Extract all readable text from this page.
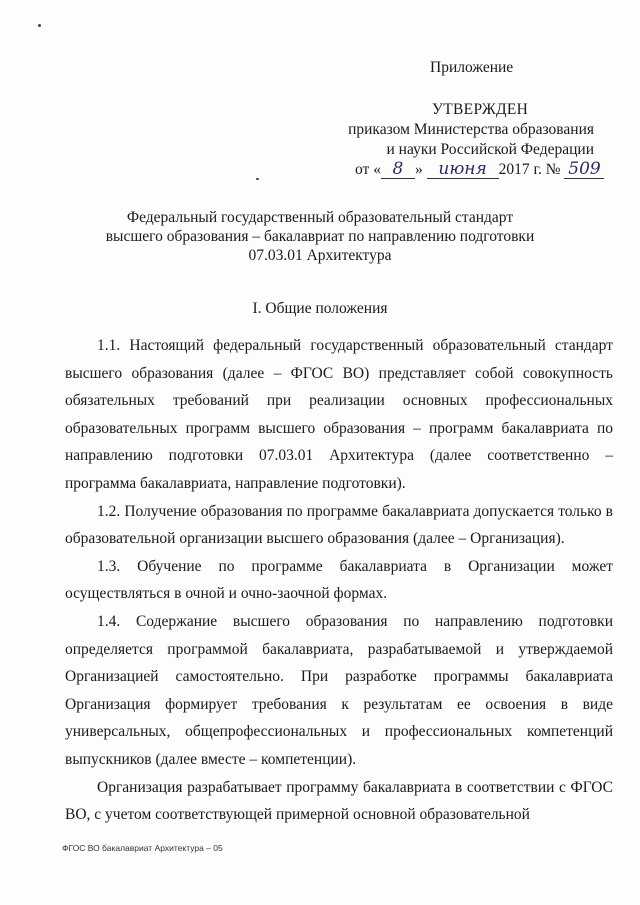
Приложение
УТВЕРЖДЕН
приказом Министерства образования
и науки Российской Федерации
от « 8 » июня 2017 г. № 509
Федеральный государственный образовательный стандарт
высшего образования – бакалавриат по направлению подготовки
07.03.01 Архитектура
I. Общие положения

1.1. Настоящий федеральный государственный образовательный стандарт высшего образования (далее – ФГОС ВО) представляет собой совокупность обязательных требований при реализации основных профессиональных образовательных программ высшего образования – программ бакалавриата по направлению подготовки 07.03.01 Архитектура (далее соответственно – программа бакалавриата, направление подготовки).

1.2. Получение образования по программе бакалавриата допускается только в образовательной организации высшего образования (далее – Организация).

1.3. Обучение по программе бакалавриата в Организации может осуществляться в очной и очно-заочной формах.

1.4. Содержание высшего образования по направлению подготовки определяется программой бакалавриата, разрабатываемой и утверждаемой Организацией самостоятельно. При разработке программы бакалавриата Организация формирует требования к результатам ее освоения в виде универсальных, общепрофессиональных и профессиональных компетенций выпускников (далее вместе – компетенции).

Организация разрабатывает программу бакалавриата в соответствии с ФГОС ВО, с учетом соответствующей примерной основной образовательной

ФГОС ВО бакалавриат Архитектура – 05
